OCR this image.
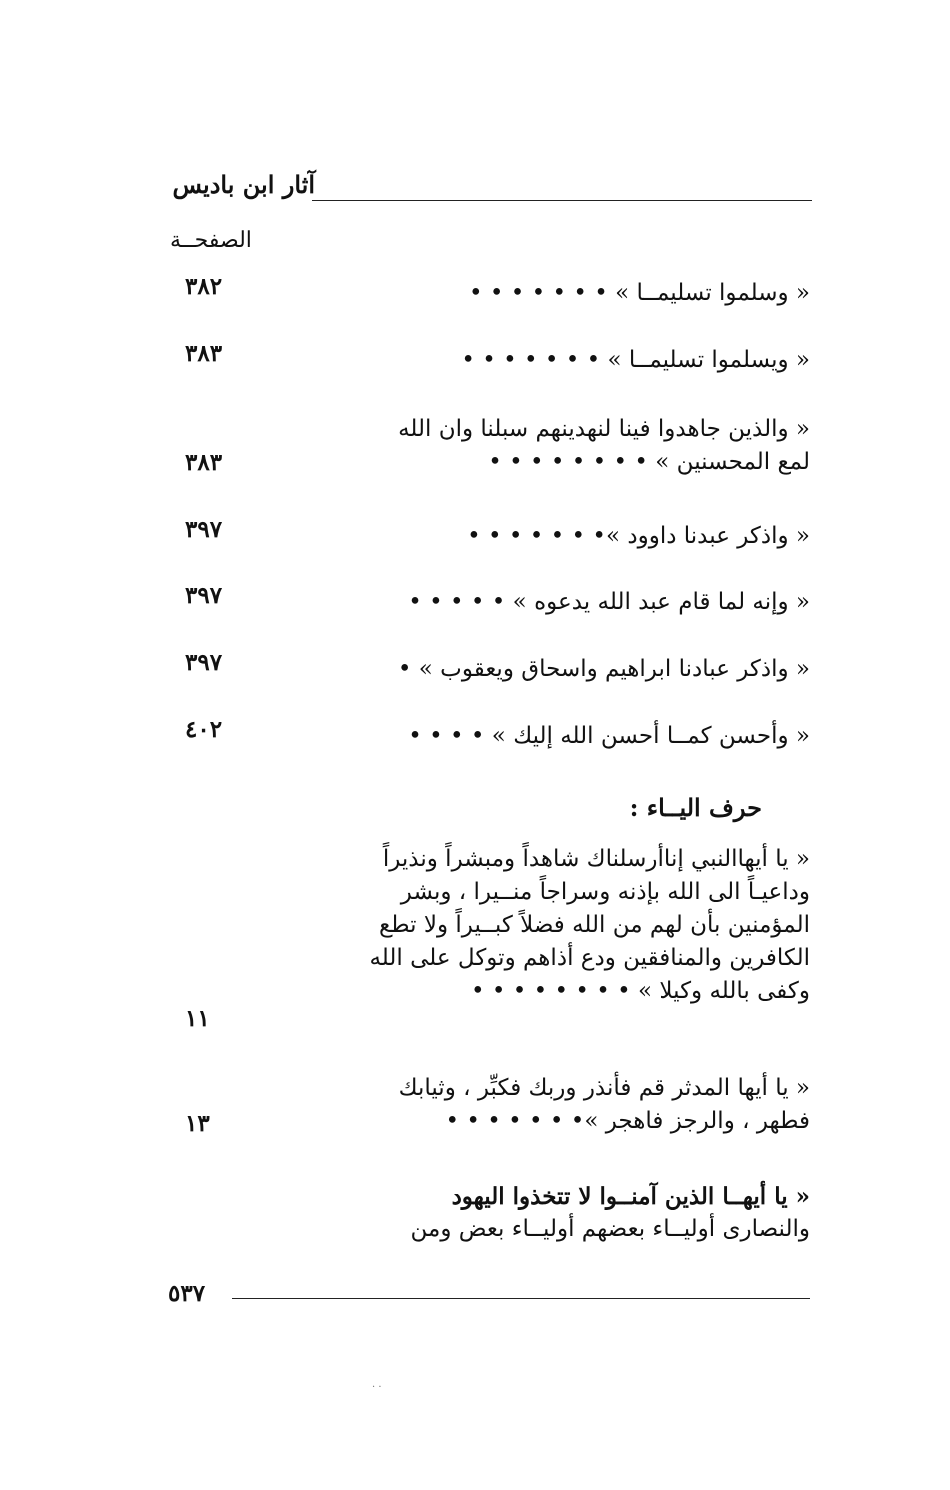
آثار ابن باديس
الصفحــة
« وسلموا تسليمــا » • • • • • • •
٣٨٢
« ويسلموا تسليمــا » • • • • • • •
٣٨٣
« والذين جاهدوا فينا لنهدينهم سبلنا وان الله
لمع المحسنين » • • • • • • • •
٣٨٣
« واذكر عبدنا داوود »• • • • • • •
٣٩٧
« وإنه لما قام عبد الله يدعوه » • • • • •
٣٩٧
« واذكر عبادنا ابراهيم واسحاق ويعقوب » •
٣٩٧
« وأحسن كمــا أحسن الله إليك » • • • •
٤٠٢
حرف اليــاء :
« يا أيهاالنبي إناأرسلناك شاهداً ومبشراً ونذيراً
وداعيـاً الى الله بإذنه وسراجاً منــيرا ، وبشر
المؤمنين بأن لهم من الله فضلاً كبــيراً ولا تطع
الكافرين والمنافقين ودع أذاهم وتوكل على الله
وكفى بالله وكيلا » • • • • • • • •
١١
« يا أيها المدثر قم فأنذر وربك فكبِّر ، وثيابك
فطهر ، والرجز فاهجر »• • • • • • •
١٣
« يا أيهــا الذين آمنــوا لا تتخذوا اليهود
والنصارى أوليــاء بعضهم أوليــاء بعض ومن
٥٣٧
· ·
